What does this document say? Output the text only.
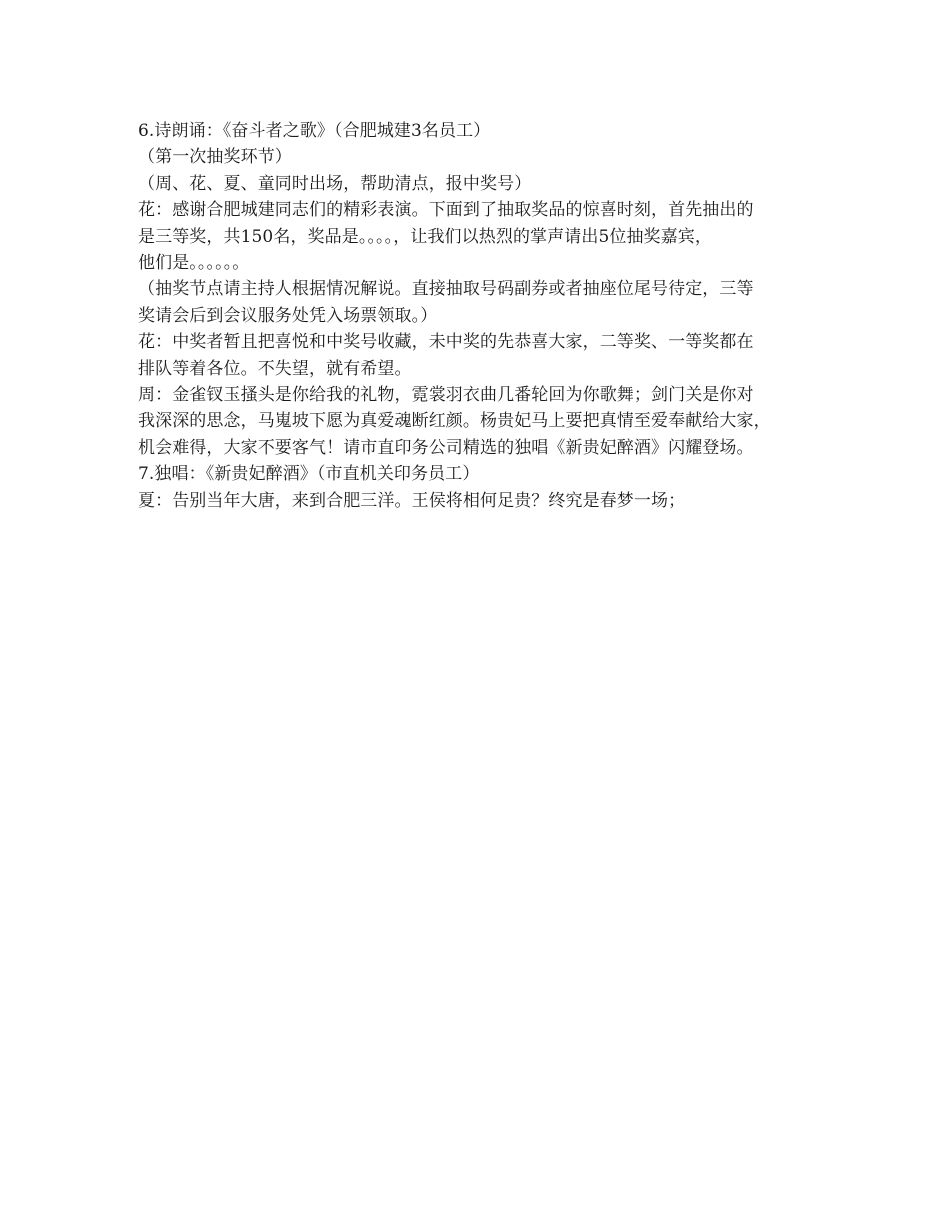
6.诗朗诵：《奋斗者之歌》（合肥城建3名员工）
（第一次抽奖环节）
（周、花、夏、童同时出场，帮助清点，报中奖号）
花：感谢合肥城建同志们的精彩表演。下面到了抽取奖品的惊喜时刻，首先抽出的
是三等奖，共150名，奖品是。。。。，让我们以热烈的掌声请出5位抽奖嘉宾，
他们是。。。。。。
（抽奖节点请主持人根据情况解说。直接抽取号码副券或者抽座位尾号待定，三等
奖请会后到会议服务处凭入场票领取。）
花：中奖者暂且把喜悦和中奖号收藏，未中奖的先恭喜大家，二等奖、一等奖都在
排队等着各位。不失望，就有希望。
周：金雀钗玉搔头是你给我的礼物，霓裳羽衣曲几番轮回为你歌舞；剑门关是你对
我深深的思念，马嵬坡下愿为真爱魂断红颜。杨贵妃马上要把真情至爱奉献给大家，
机会难得，大家不要客气！请市直印务公司精选的独唱《新贵妃醉酒》闪耀登场。
7.独唱：《新贵妃醉酒》（市直机关印务员工）
夏：告别当年大唐，来到合肥三洋。王侯将相何足贵？终究是春梦一场；
